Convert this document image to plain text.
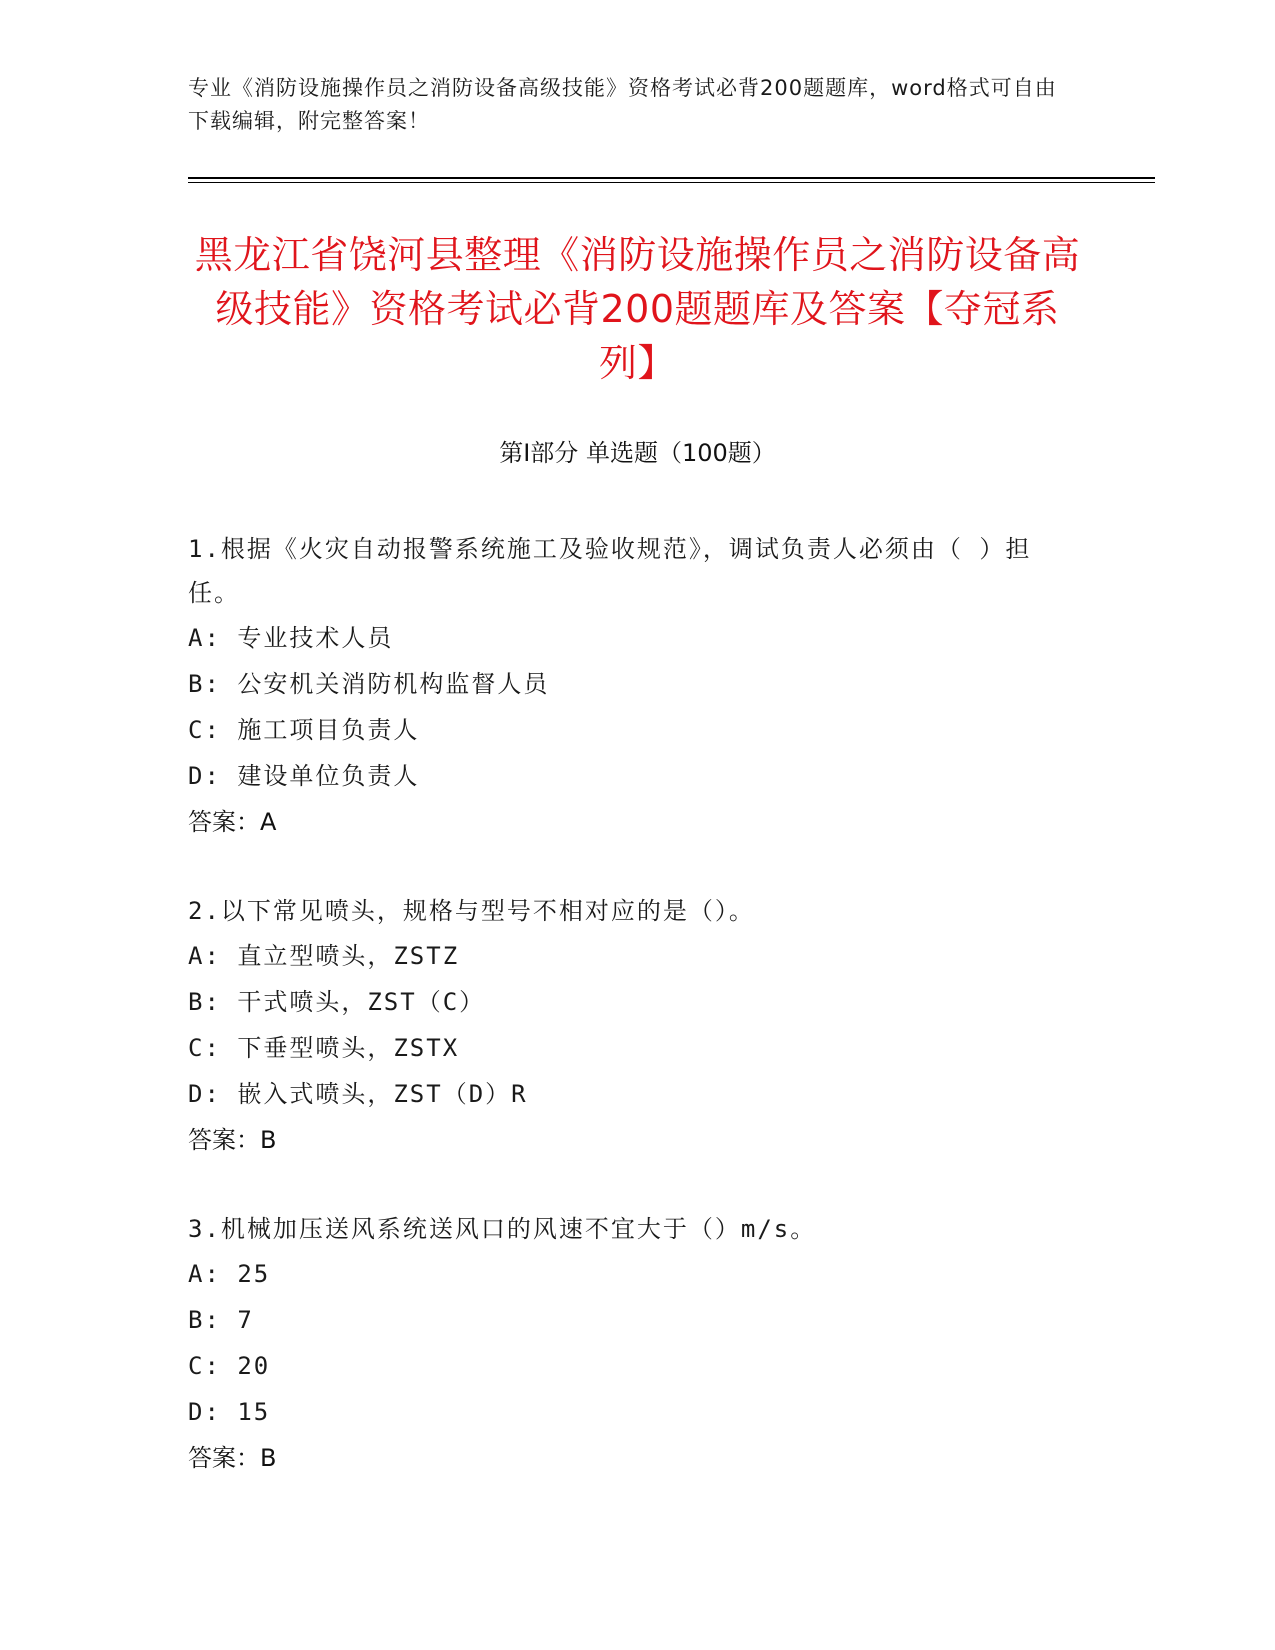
专业《消防设施操作员之消防设备高级技能》资格考试必背200题题库，word格式可自由下载编辑，附完整答案！
黑龙江省饶河县整理《消防设施操作员之消防设备高级技能》资格考试必背200题题库及答案【夺冠系列】
第Ⅰ部分 单选题（100题）
1.根据《火灾自动报警系统施工及验收规范》，调试负责人必须由（ ）担任。
A: 专业技术人员
B: 公安机关消防机构监督人员
C: 施工项目负责人
D: 建设单位负责人
答案：A
2.以下常见喷头，规格与型号不相对应的是（）。
A: 直立型喷头，ZSTZ
B: 干式喷头，ZST（C）
C: 下垂型喷头，ZSTX
D: 嵌入式喷头，ZST（D）R
答案：B
3.机械加压送风系统送风口的风速不宜大于（）m/s。
A: 25
B: 7
C: 20
D: 15
答案：B
